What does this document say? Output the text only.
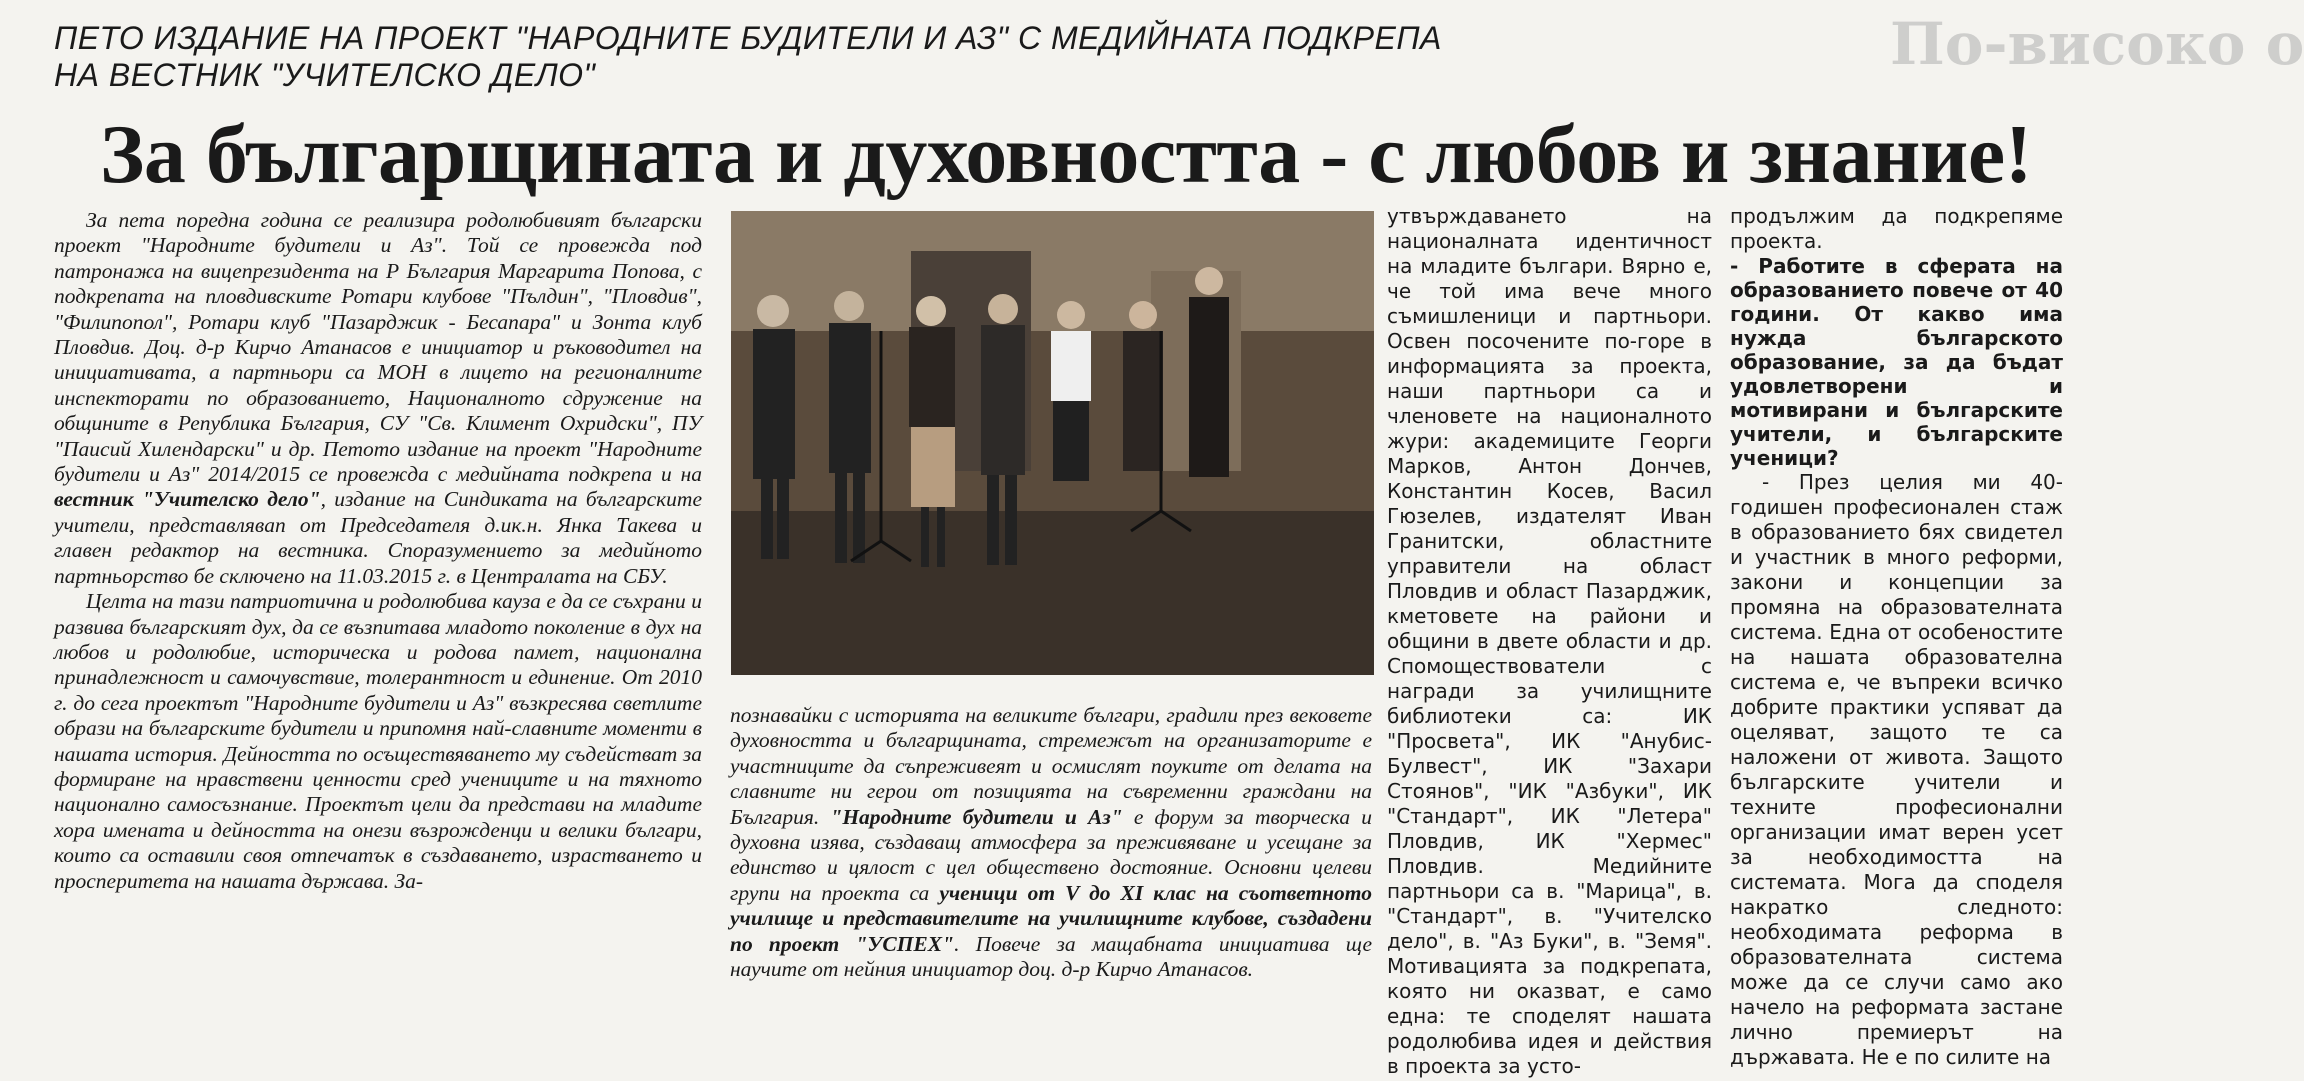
По-високо о
ПЕТО ИЗДАНИЕ НА ПРОЕКТ "НАРОДНИТЕ БУДИТЕЛИ И АЗ" С МЕДИЙНАТА ПОДКРЕПА
НА ВЕСТНИК "УЧИТЕЛСКО ДЕЛО"
За българщината и духовността - с любов и знание!

За пета поредна година се реализира родолюбивият български проект "Народните будители и Аз". Той се провежда под патронажа на вицепрезидента на Р България Маргарита Попова, с подкрепата на пловдивските Ротари клубове "Пълдин", "Пловдив", "Филипопол", Ротари клуб "Пазарджик - Бесапара" и Зонта клуб Пловдив. Доц. д-р Кирчо Атанасов е инициатор и ръководител на инициативата, а партньори са МОН в лицето на регионалните инспекторати по образованието, Националното сдружение на общините в Република България, СУ "Св. Климент Охридски", ПУ "Паисий Хилендарски" и др. Петото издание на проект "Народните будители и Аз" 2014/2015 се провежда с медийната подкрепа и на вестник "Учителско дело", издание на Синдиката на българските учители, представлявan от Председателя д.ик.н. Янка Такева и главен редактор на вестника. Споразумението за медийното партньорство бе сключено на 11.03.2015 г. в Централата на СБУ.

Целта на тази патриотична и родолюбива кауза е да се съхрани и развива българският дух, да се възпитава младото поколение в дух на любов и родолюбие, историческа и родова памет, национална принадлежност и самочувствие, толерантност и единение. От 2010 г. до сега проектът "Народните будители и Аз" възкресява светлите образи на българските будители и припомня най-славните моменти в нашата история. Дейността по осъществяването му съдействат за формиране на нравствени ценности сред учениците и на тяхното национално самосъзнание. Проектът цели да представи на младите хора имената и дейността на онези възрожденци и велики българи, които са оставили своя отпечатък в създаването, израстването и просперитета на нашата държава. За-

познавайки с историята на великите българи, градили през вековете духовността и българщината, стремежът на организаторите е участниците да съпреживеят и осмислят поуките от делата на славните ни герои от позицията на съвременни граждани на България. "Народните будители и Аз" е форум за творческа и духовна изява, създаващ атмосфера за преживяване и усещане за единство и цялост с цел обществено достояние. Основни целеви групи на проекта са ученици от V до XI клас на съответното училище и представителите на училищните клубове, създадени по проект "УСПЕХ". Повече за мащабната инициатива ще научите от нейния инициатор доц. д-р Кирчо Атанасов.

утвърждаването на националната идентичност на младите българи. Вярно е, че той има вече много съмишленици и партньори. Освен посочените по-горе в информацията за проекта, наши партньори са и членовете на националното жури: академиците Георги Марков, Антон Дончев, Константин Косев, Васил Гюзелев, издателят Иван Гранитски, областните управители на област Пловдив и област Пазарджик, кметовете на райони и общини в двете области и др. Спомоществователи с награди за училищните библиотеки са: ИК "Просвета", ИК "Анубис-Булвест", ИК "Захари Стоянов", "ИК "Азбуки", ИК "Стандарт", ИК "Летера" Пловдив, ИК "Хермес" Пловдив. Медийните партньори са в. "Марица", в. "Стандарт", в. "Учителско дело", в. "Аз Буки", в. "Земя". Мотивацията за подкрепата, която ни оказват, е само една: те споделят нашата родолюбива идея и действия в проекта за усто-

продължим да подкрепяме проекта.

- Работите в сферата на образованието повече от 40 години. От какво има нужда българското образование, за да бъдат удовлетворени и мотивирани и българските учители, и българските ученици?

- През целия ми 40-годишен професионален стаж в образованието бях свидетел и участник в много реформи, закони и концепции за промяна на образователната система. Една от особеностите на нашата образователна система е, че въпреки всичко добрите практики успяват да оцеляват, защото те са наложени от живота. Защото българските учители и техните професионални организации имат верен усет за необходимостта на системата. Мога да споделя накратко следното: необходимата реформа в образователната система може да се случи само ако начело на реформата застане лично премиерът на държавата. Не е по силите на
